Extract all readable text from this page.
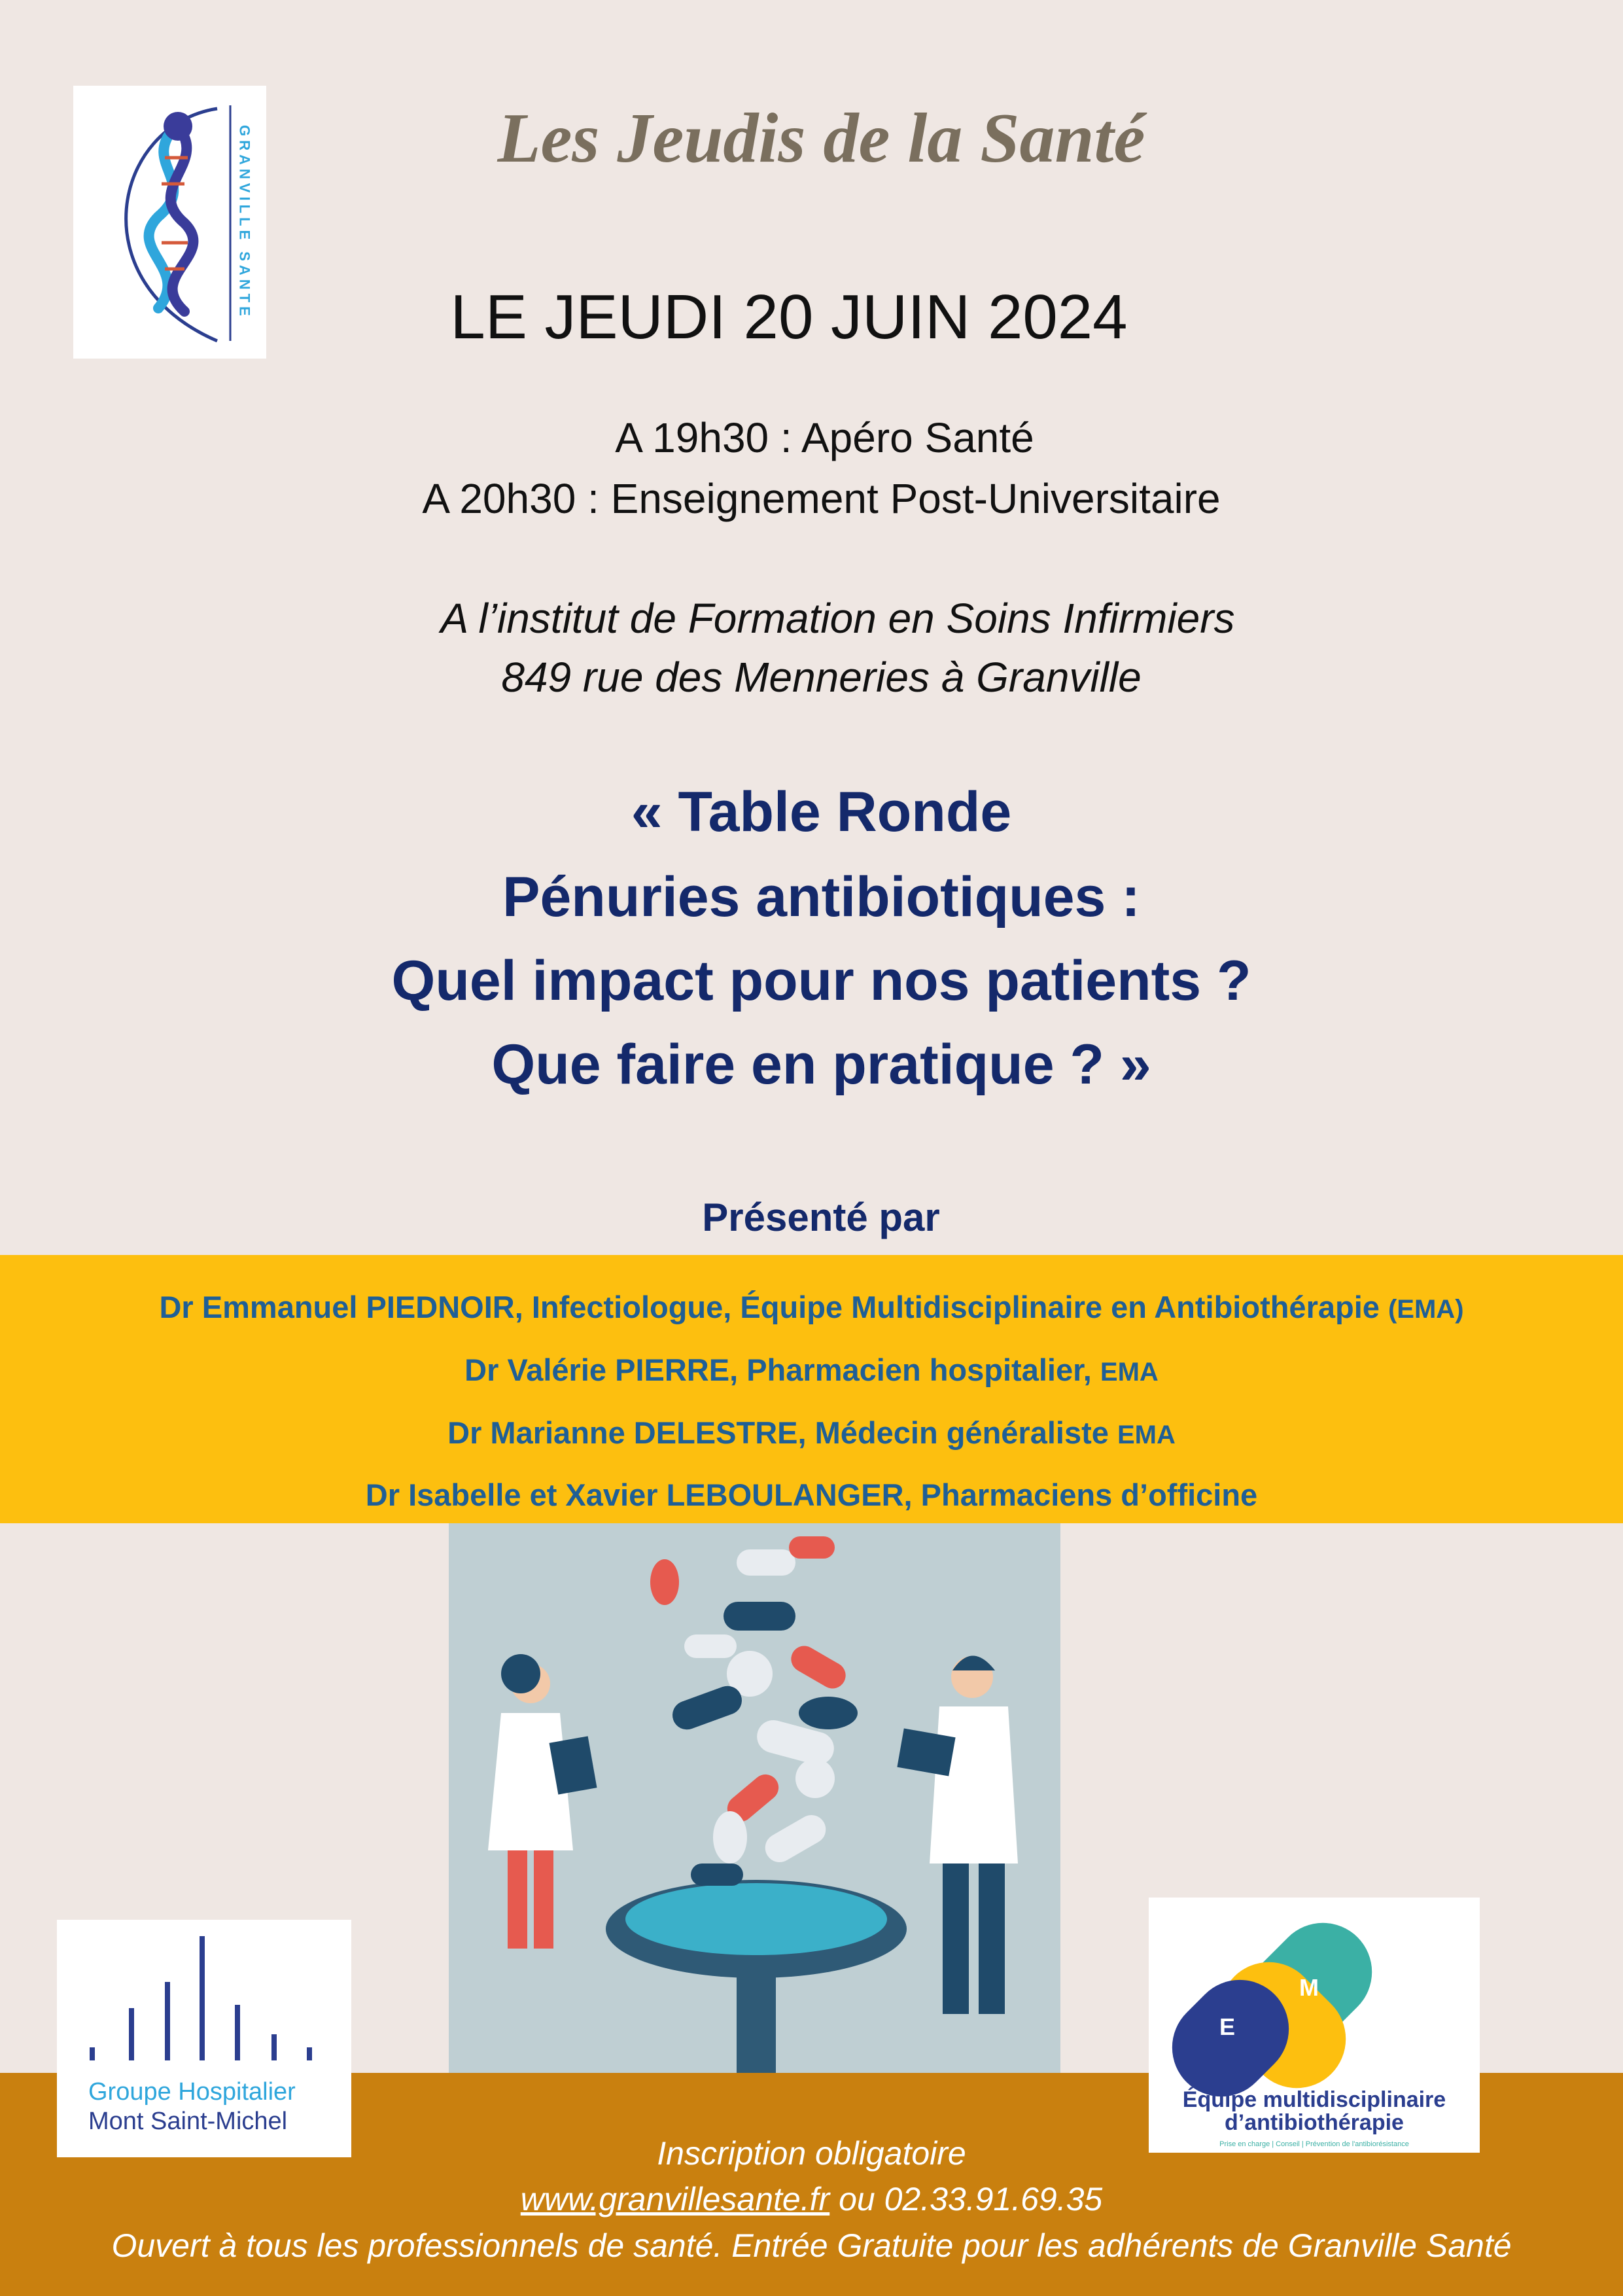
GRANVILLE SANTE	Les Jeudis de la Santé
LE JEUDI 20 JUIN 2024
A 19h30 : Apéro Santé
A 20h30 : Enseignement Post-Universitaire
A l’institut de Formation en Soins Infirmiers
849 rue des Menneries à Granville
« Table Ronde
Pénuries antibiotiques :
Quel impact pour nos patients ?
Que faire en pratique ? »
Présenté par
Dr Emmanuel PIEDNOIR, Infectiologue, Équipe Multidisciplinaire en Antibiothérapie (EMA)
Dr Valérie PIERRE, Pharmacien hospitalier, EMA
Dr Marianne DELESTRE, Médecin généraliste EMA
Dr Isabelle et Xavier LEBOULANGER, Pharmaciens d’officine
Inscription obligatoire
www.granvillesante.fr ou 02.33.91.69.35
Ouvert à tous les professionnels de santé. Entrée Gratuite pour les adhérents de Granville Santé
Groupe Hospitalier
Mont Saint-Michel
E
M
A
Équipe multidisciplinaire
d’antibiothérapie
Prise en charge | Conseil | Prévention de l'antibiorésistance
